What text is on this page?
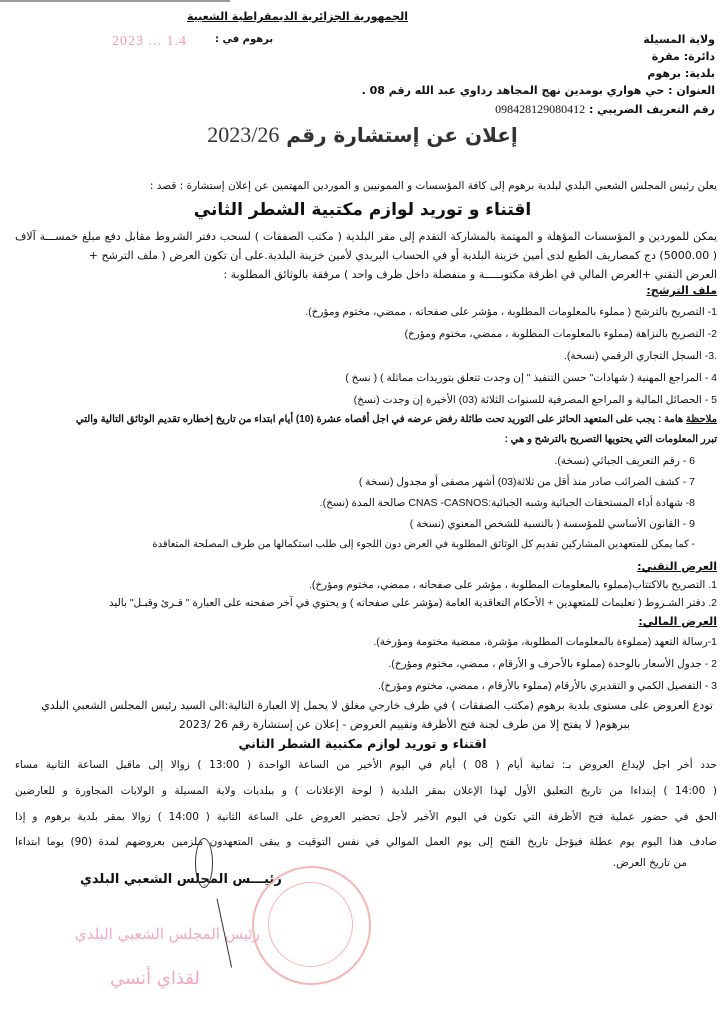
الجمهورية الجزائرية الديمقراطية الشعبية
ولاية المسيلة
دائرة: مقرة
بلدية: برهوم
العنوان : حي هواري بومدين نهج المجاهد رداوي عبد الله رقم 08 .
رقم التعريف الضريبي : 098428129080412
برهوم في :
2023 ... 1.4
إعلان عن إستشارة رقم 2023/26
يعلن رئيس المجلس الشعبي البلدي لبلدية برهوم إلى كافة المؤسسات و الممونيين و الموردين المهتمين عن إعلان إستشارة : قصد :
اقتناء و توريد لوازم مكتبية الشطر الثاني
يمكن للموردين و المؤسسات المؤهلة و المهتمة بالمشاركة التقدم إلى مقر البلدية ( مكتب الصفقات ) لسحب دفتر الشروط مقابل دفع مبلغ خمســـة آلاف
( 5000.00) دج كمصاريف الطبع لدى أمين خزينة البلدية أو في الحساب البريدي لأمين خزينة البلدية.على أن تكون العرض ( ملف الترشح +
العرض التقني +العرض المالي في اظرفة مكتوبـــــة و منفصلة داخل ظرف واحد ) مرفقة بالوثائق المطلوبة :
ملف الترشح:
1- التصريح بالترشح ( مملوء بالمعلومات المطلوبة ، مؤشر على صفحاته ، ممضي، مختوم ومؤرخ).
2- التصريح بالنزاهة (مملوء بالمعلومات المطلوبة ، ممضي، مختوم ومؤرخ)
.3- السجل التجاري الرقمي (نسخة).
4 - المراجع المهنية ( شهادات" حسن التنفيذ " إن وجدت تتعلق بتوريدات مماثلة ) ( نسخ )
5 - الحصائل المالية و المراجع المصرفية للسنوات الثلاثة (03) الأخيرة إن وجدت (نسخ)
ملاحظة هامة : يجب على المتعهد الحائز على التوريد تحت طائلة رفض عرضه في اجل أقصاه عشرة (10) أيام ابتداء من تاريخ إخطاره تقديم الوثائق التالية والتي
تبرر المعلومات التي يحتويها التصريح بالترشح و هي :
6 - رقم التعريف الجبائي (نسخة).
7 - كشف الضرائب صادر منذ أقل من ثلاثة(03) أشهر مصفى أو مجدول (نسخة )
8- شهادة أداء المستحقات الجبائية وشبه الجبائية:CNAS -CASNOS صالحة المدة (نسخ).
9 - القانون الأساسي للمؤسسة ( بالنسبة للشخص المعنوي (نسخة )
- كما يمكن للمتعهدين المشاركين تقديم كل الوثائق المطلوبة في العرض دون اللجوء إلى طلب استكمالها من طرف المصلحة المتعاقدة
العرض التقني:
1. التصريح بالاكتتاب(مملوء بالمعلومات المطلوبة ، مؤشر على صفحاته ، ممضي، مختوم ومؤرخ).
2. دفتر الشـروط ( تعليمات للمتعهدين + الأحكام التعاقدية العامة (مؤشر على صفحاته ) و يحتوي في آخر صفحته على العبارة " قـرئ وقبـل" باليد
العرض المالي:
1-رسالة التعهد (مملوءة بالمعلومات المطلوبة، مؤشرة، ممضية مختومة ومؤرخة).
2 - جدول الأسعار بالوحدة (مملوء بالأحرف و الأرقام ، ممضي، مختوم ومؤرخ).
3 - التفصيل الكمي و التقديري بالأرقام (مملوء بالأرقام ، ممضي، مختوم ومؤرخ).
تودع العروض على مستوى بلدية برهوم (مكتب الصفقات ) في ظرف خارجي مغلق لا يحمل إلا العبارة التالية:الى السيد رئيس المجلس الشعبي البلدي
ببرهوم( لا يفتح إلا من طرف لجنة فتح الأظرفة وتقييم العروض - إعلان عن إستشارة رقم 26 /2023
اقتناء و توريد لوازم مكتبية الشطر الثاني
حدد أخر اجل لإيداع العروض بـ: ثمانية أيام ( 08 ) أيام في اليوم الأخير من الساعة الواحدة ( 13:00 ) زوالا إلى ماقبل الساعة الثانية مساء
( 14:00 ) إبتداءا من تاريخ التعليق الأول لهذا الإعلان بمقر البلدية ( لوحة الإعلانات ) و ببلديات ولاية المسيلة و الولايات المجاورة و للعارضين
الحق في حضور عملية فتح الأظرفة التي تكون في اليوم الأخير لأجل تحضير العروض على الساعة الثانية ( 14:00 ) زوالا بمقر بلدية برهوم و إذا
صادف هذا اليوم يوم عطلة فيؤجل تاريخ الفتح إلى يوم العمل الموالي في نفس التوقيت و يبقى المتعهدون ملزمين بعروضهم لمدة (90) يوما ابتداءا
من تاريخ العرض.
رئيـــس المجلس الشعبي البلدي
رئيس المجلس الشعبي البلدي
لقذاي أنسي
